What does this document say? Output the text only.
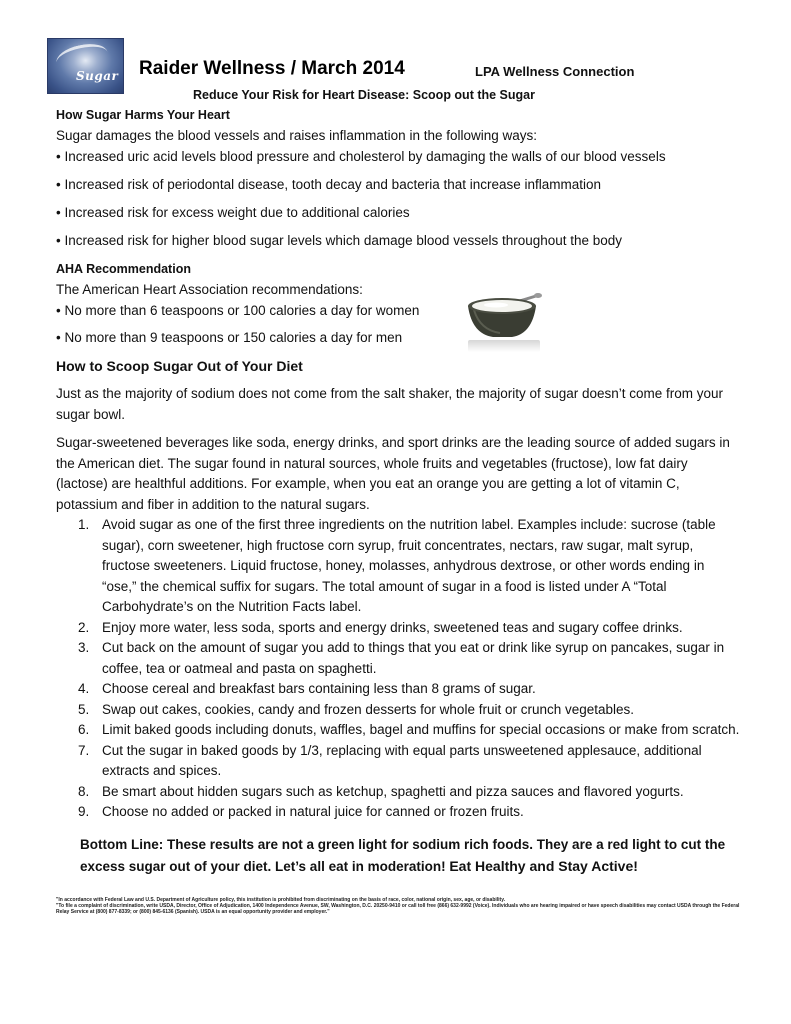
Sugar Raider Wellness / March 2014	LPA Wellness Connection
Reduce Your Risk for Heart Disease: Scoop out the Sugar
How Sugar Harms Your Heart
Sugar damages the blood vessels and raises inflammation in the following ways:
• Increased uric acid levels blood pressure and cholesterol by damaging the walls of our blood vessels
• Increased risk of periodontal disease, tooth decay and bacteria that increase inflammation
• Increased risk for excess weight due to additional calories
• Increased risk for higher blood sugar levels which damage blood vessels throughout the body
AHA Recommendation
The American Heart Association recommendations:
• No more than 6 teaspoons or 100 calories a day for women
• No more than 9 teaspoons or 150 calories a day for men
How to Scoop Sugar Out of Your Diet
Just as the majority of sodium does not come from the salt shaker, the majority of sugar doesn’t come from your sugar bowl.
Sugar-sweetened beverages like soda, energy drinks, and sport drinks are the leading source of added sugars in the American diet. The sugar found in natural sources, whole fruits and vegetables (fructose), low fat dairy (lactose) are healthful additions. For example, when you eat an orange you are getting a lot of vitamin C, potassium and fiber in addition to the natural sugars.
1. Avoid sugar as one of the first three ingredients on the nutrition label. Examples include: sucrose (table sugar), corn sweetener, high fructose corn syrup, fruit concentrates, nectars, raw sugar, malt syrup, fructose sweeteners. Liquid fructose, honey, molasses, anhydrous dextrose, or other words ending in “ose,” the chemical suffix for sugars. The total amount of sugar in a food is listed under A “Total Carbohydrate’s on the Nutrition Facts label.
2. Enjoy more water, less soda, sports and energy drinks, sweetened teas and sugary coffee drinks.
3. Cut back on the amount of sugar you add to things that you eat or drink like syrup on pancakes, sugar in coffee, tea or oatmeal and pasta on spaghetti.
4. Choose cereal and breakfast bars containing less than 8 grams of sugar.
5. Swap out cakes, cookies, candy and frozen desserts for whole fruit or crunch vegetables.
6. Limit baked goods including donuts, waffles, bagel and muffins for special occasions or make from scratch.
7. Cut the sugar in baked goods by 1/3, replacing with equal parts unsweetened applesauce, additional extracts and spices.
8. Be smart about hidden sugars such as ketchup, spaghetti and pizza sauces and flavored yogurts.
9. Choose no added or packed in natural juice for canned or frozen fruits.
Bottom Line: These results are not a green light for sodium rich foods. They are a red light to cut the excess sugar out of your diet. Let’s all eat in moderation! Eat Healthy and Stay Active!
"In accordance with Federal Law and U.S. Department of Agriculture policy, this institution is prohibited from discriminating on the basis of race, color, national origin, sex, age, or disability.
"To file a complaint of discrimination, write USDA, Director, Office of Adjudication, 1400 Independence Avenue, SW, Washington, D.C. 20250-9410 or call toll free (866) 632-9992 (Voice). Individuals who are hearing impaired or have speech disabilities may contact USDA through the Federal Relay Service at (800) 877-8339; or (800) 845-6136 (Spanish). USDA is an equal opportunity provider and employer."
